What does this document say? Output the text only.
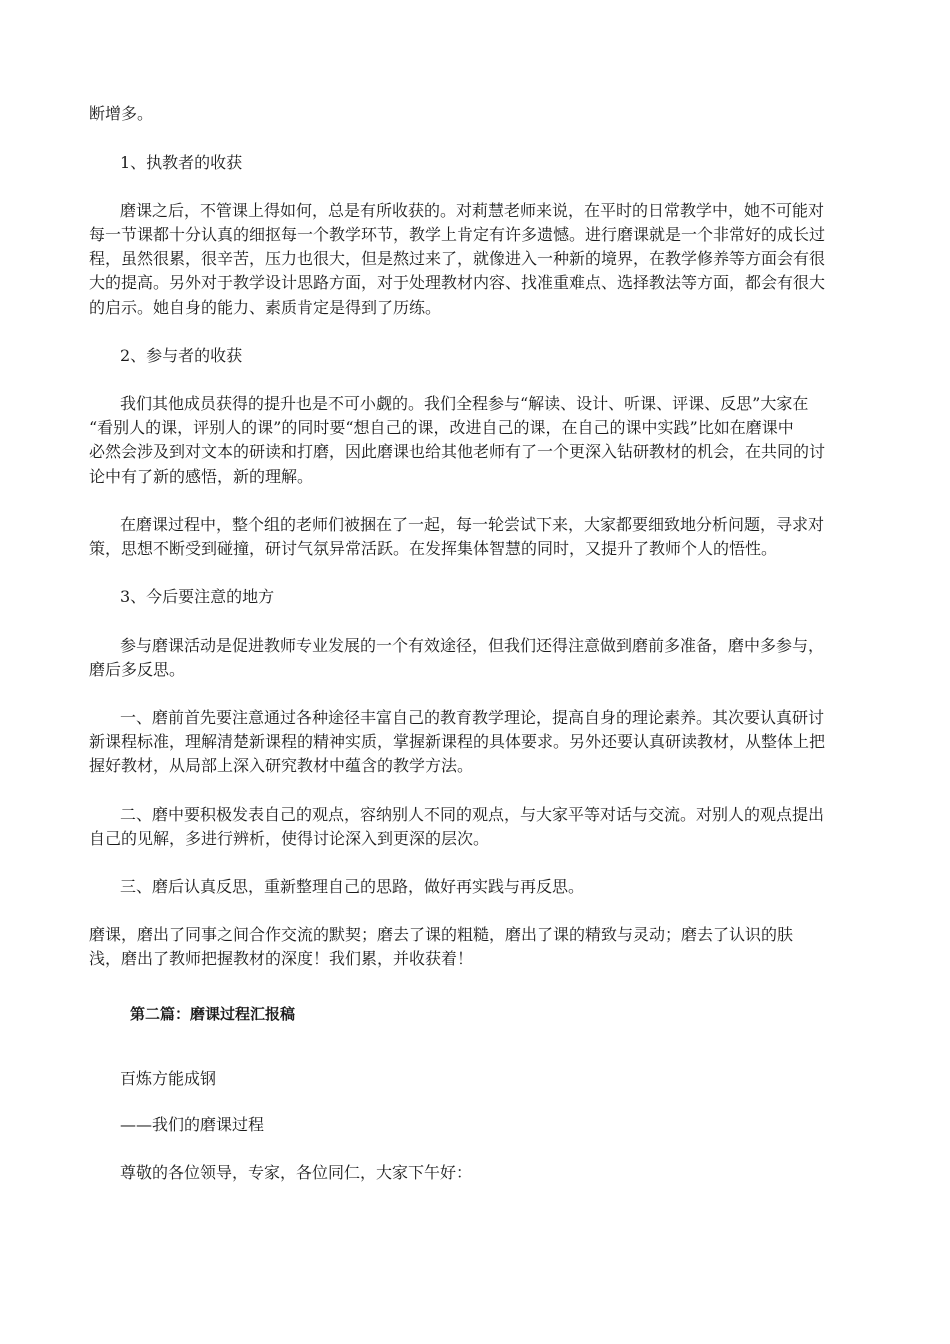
断增多。
1、执教者的收获
磨课之后，不管课上得如何，总是有所收获的。对莉慧老师来说，在平时的日常教学中，她不可能对
每一节课都十分认真的细抠每一个教学环节，教学上肯定有许多遗憾。进行磨课就是一个非常好的成长过
程，虽然很累，很辛苦，压力也很大，但是熬过来了，就像进入一种新的境界，在教学修养等方面会有很
大的提高。另外对于教学设计思路方面，对于处理教材内容、找准重难点、选择教法等方面，都会有很大
的启示。她自身的能力、素质肯定是得到了历练。
2、参与者的收获
我们其他成员获得的提升也是不可小觑的。我们全程参与“解读、设计、听课、评课、反思”大家在
“看别人的课，评别人的课”的同时要“想自己的课，改进自己的课，在自己的课中实践”比如在磨课中
必然会涉及到对文本的研读和打磨，因此磨课也给其他老师有了一个更深入钻研教材的机会，在共同的讨
论中有了新的感悟，新的理解。
在磨课过程中，整个组的老师们被捆在了一起，每一轮尝试下来，大家都要细致地分析问题，寻求对
策，思想不断受到碰撞，研讨气氛异常活跃。在发挥集体智慧的同时，又提升了教师个人的悟性。
3、今后要注意的地方
参与磨课活动是促进教师专业发展的一个有效途径，但我们还得注意做到磨前多准备，磨中多参与，
磨后多反思。
一、磨前首先要注意通过各种途径丰富自己的教育教学理论，提高自身的理论素养。其次要认真研讨
新课程标准，理解清楚新课程的精神实质，掌握新课程的具体要求。另外还要认真研读教材，从整体上把
握好教材，从局部上深入研究教材中蕴含的教学方法。
二、磨中要积极发表自己的观点，容纳别人不同的观点，与大家平等对话与交流。对别人的观点提出
自己的见解，多进行辨析，使得讨论深入到更深的层次。
三、磨后认真反思，重新整理自己的思路，做好再实践与再反思。
磨课，磨出了同事之间合作交流的默契；磨去了课的粗糙，磨出了课的精致与灵动；磨去了认识的肤
浅，磨出了教师把握教材的深度！我们累，并收获着！
第二篇：磨课过程汇报稿
百炼方能成钢
——我们的磨课过程
尊敬的各位领导，专家，各位同仁，大家下午好：
